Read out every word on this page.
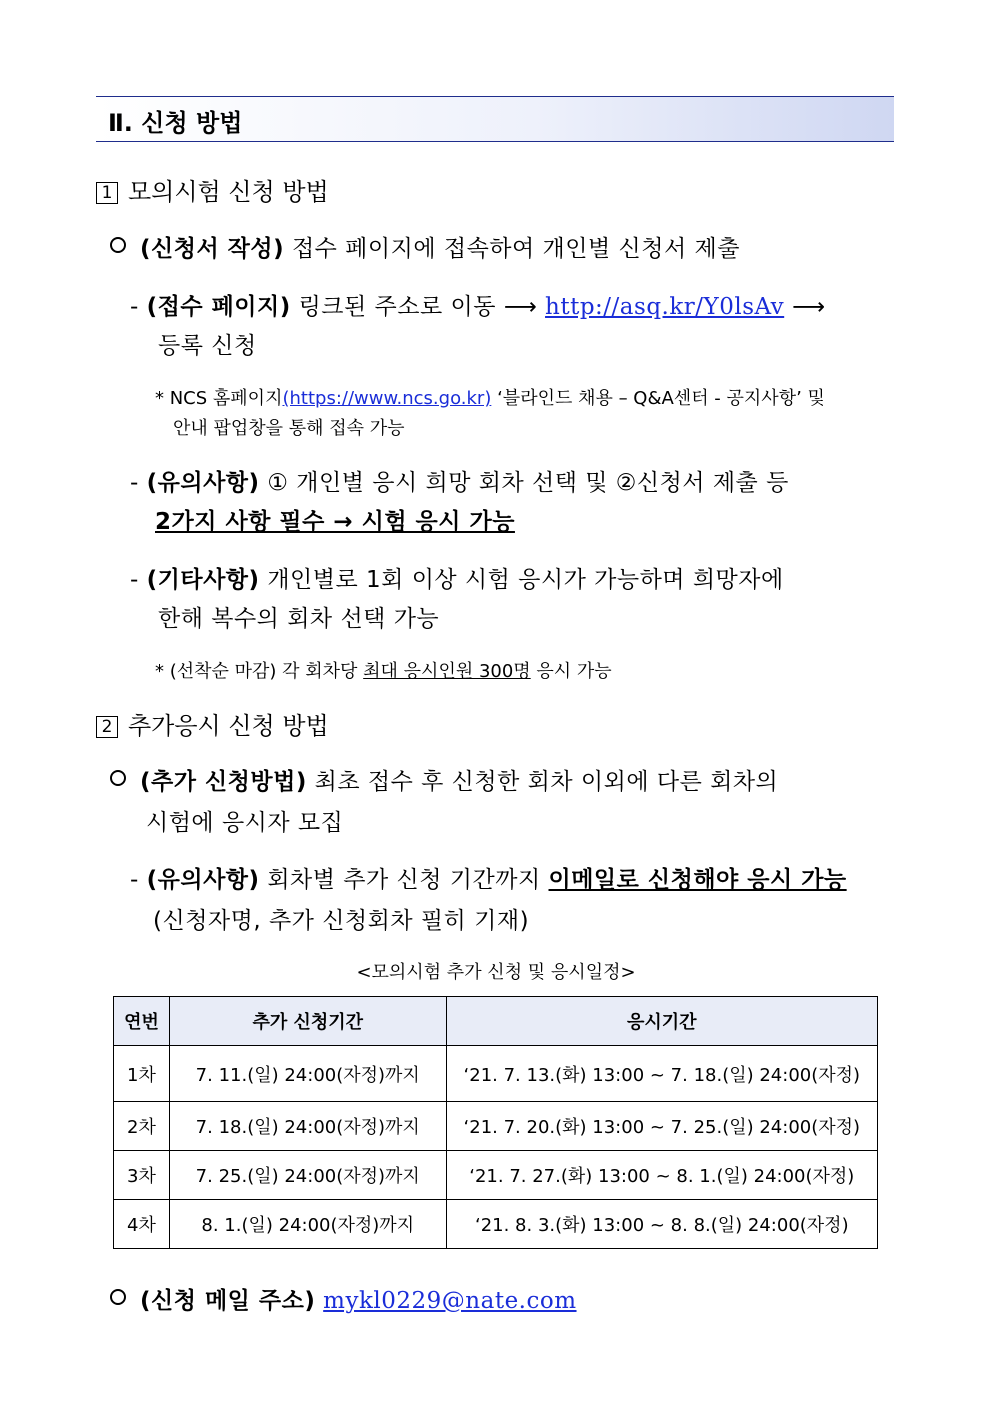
Ⅱ. 신청 방법
1 모의시험 신청 방법
(신청서 작성) 접수 페이지에 접속하여 개인별 신청서 제출
- (접수 페이지) 링크된 주소로 이동 ⟶ http://asq.kr/Y0lsAv ⟶
등록 신청
* NCS 홈페이지(https://www.ncs.go.kr) ‘블라인드 채용 – Q&A센터 - 공지사항’ 및
안내 팝업창을 통해 접속 가능
- (유의사항) ① 개인별 응시 희망 회차 선택 및 ②신청서 제출 등
2가지 사항 필수 → 시험 응시 가능
- (기타사항) 개인별로 1회 이상 시험 응시가 가능하며 희망자에
한해 복수의 회차 선택 가능
* (선착순 마감) 각 회차당 최대 응시인원 300명 응시 가능
2 추가응시 신청 방법
(추가 신청방법) 최초 접수 후 신청한 회차 이외에 다른 회차의
시험에 응시자 모집
- (유의사항) 회차별 추가 신청 기간까지 이메일로 신청해야 응시 가능
(신청자명, 추가 신청회차 필히 기재)
<모의시험 추가 신청 및 응시일정>
연번	추가 신청기간	응시기간
1차	7. 11.(일) 24:00(자정)까지	‘21. 7. 13.(화) 13:00 ~ 7. 18.(일) 24:00(자정)
2차	7. 18.(일) 24:00(자정)까지	‘21. 7. 20.(화) 13:00 ~ 7. 25.(일) 24:00(자정)
3차	7. 25.(일) 24:00(자정)까지	‘21. 7. 27.(화) 13:00 ~ 8. 1.(일) 24:00(자정)
4차	8. 1.(일) 24:00(자정)까지	‘21. 8. 3.(화) 13:00 ~ 8. 8.(일) 24:00(자정)
(신청 메일 주소) mykl0229@nate.com
